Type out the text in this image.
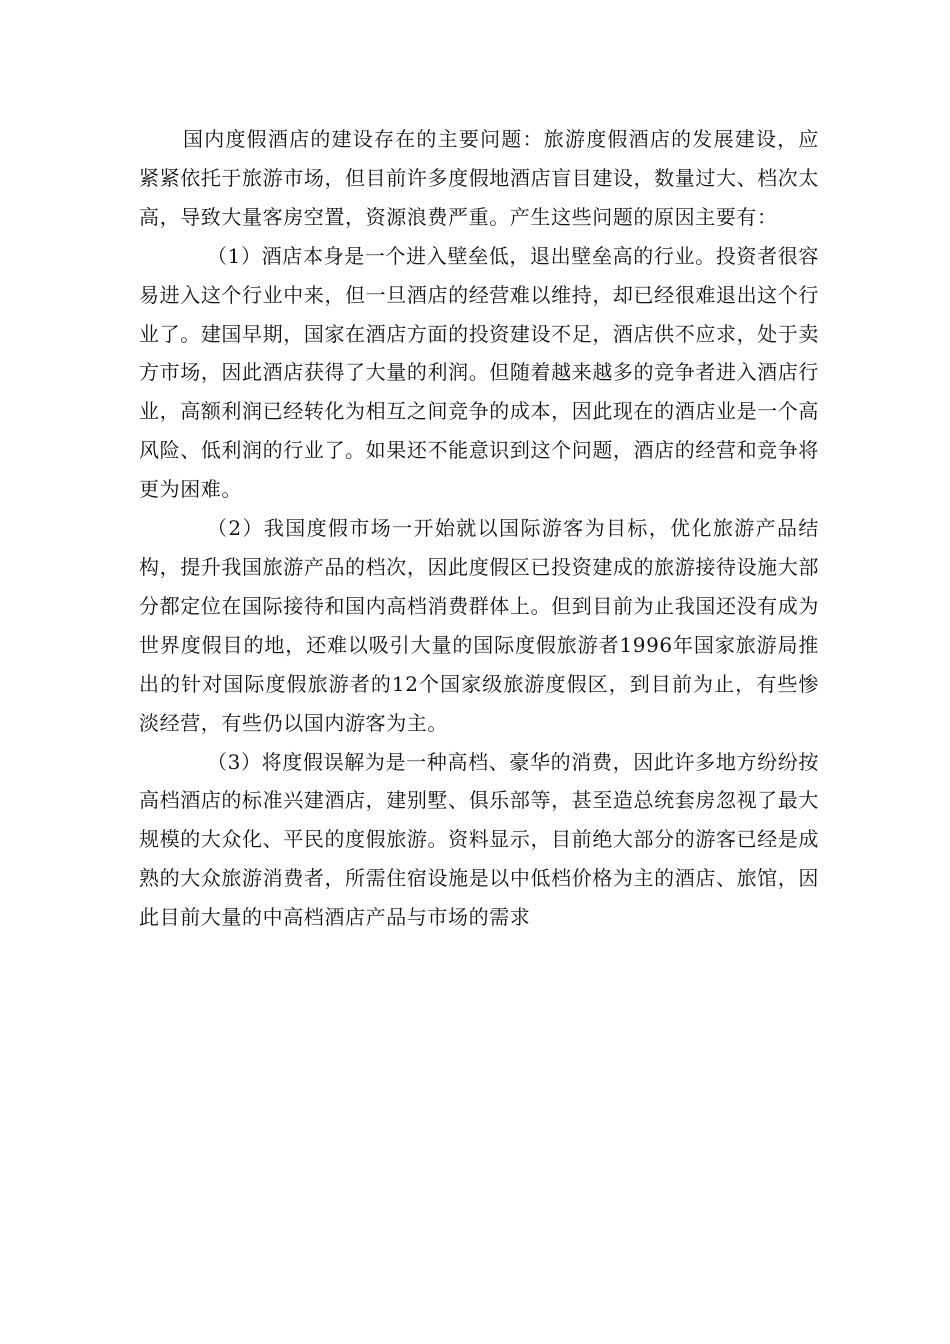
国内度假酒店的建设存在的主要问题：旅游度假酒店的发展建设，应紧紧依托于旅游市场，但目前许多度假地酒店盲目建设，数量过大、档次太高，导致大量客房空置，资源浪费严重。产生这些问题的原因主要有：

（1）酒店本身是一个进入壁垒低，退出壁垒高的行业。投资者很容易进入这个行业中来，但一旦酒店的经营难以维持，却已经很难退出这个行业了。建国早期，国家在酒店方面的投资建设不足，酒店供不应求，处于卖方市场，因此酒店获得了大量的利润。但随着越来越多的竞争者进入酒店行业，高额利润已经转化为相互之间竞争的成本，因此现在的酒店业是一个高风险、低利润的行业了。如果还不能意识到这个问题，酒店的经营和竞争将更为困难。

（2）我国度假市场一开始就以国际游客为目标，优化旅游产品结构，提升我国旅游产品的档次，因此度假区已投资建成的旅游接待设施大部分都定位在国际接待和国内高档消费群体上。但到目前为止我国还没有成为世界度假目的地，还难以吸引大量的国际度假旅游者1996年国家旅游局推出的针对国际度假旅游者的12个国家级旅游度假区，到目前为止，有些惨淡经营，有些仍以国内游客为主。

（3）将度假误解为是一种高档、豪华的消费，因此许多地方纷纷按高档酒店的标准兴建酒店，建别墅、俱乐部等，甚至造总统套房忽视了最大规模的大众化、平民的度假旅游。资料显示，目前绝大部分的游客已经是成熟的大众旅游消费者，所需住宿设施是以中低档价格为主的酒店、旅馆，因此目前大量的中高档酒店产品与市场的需求
